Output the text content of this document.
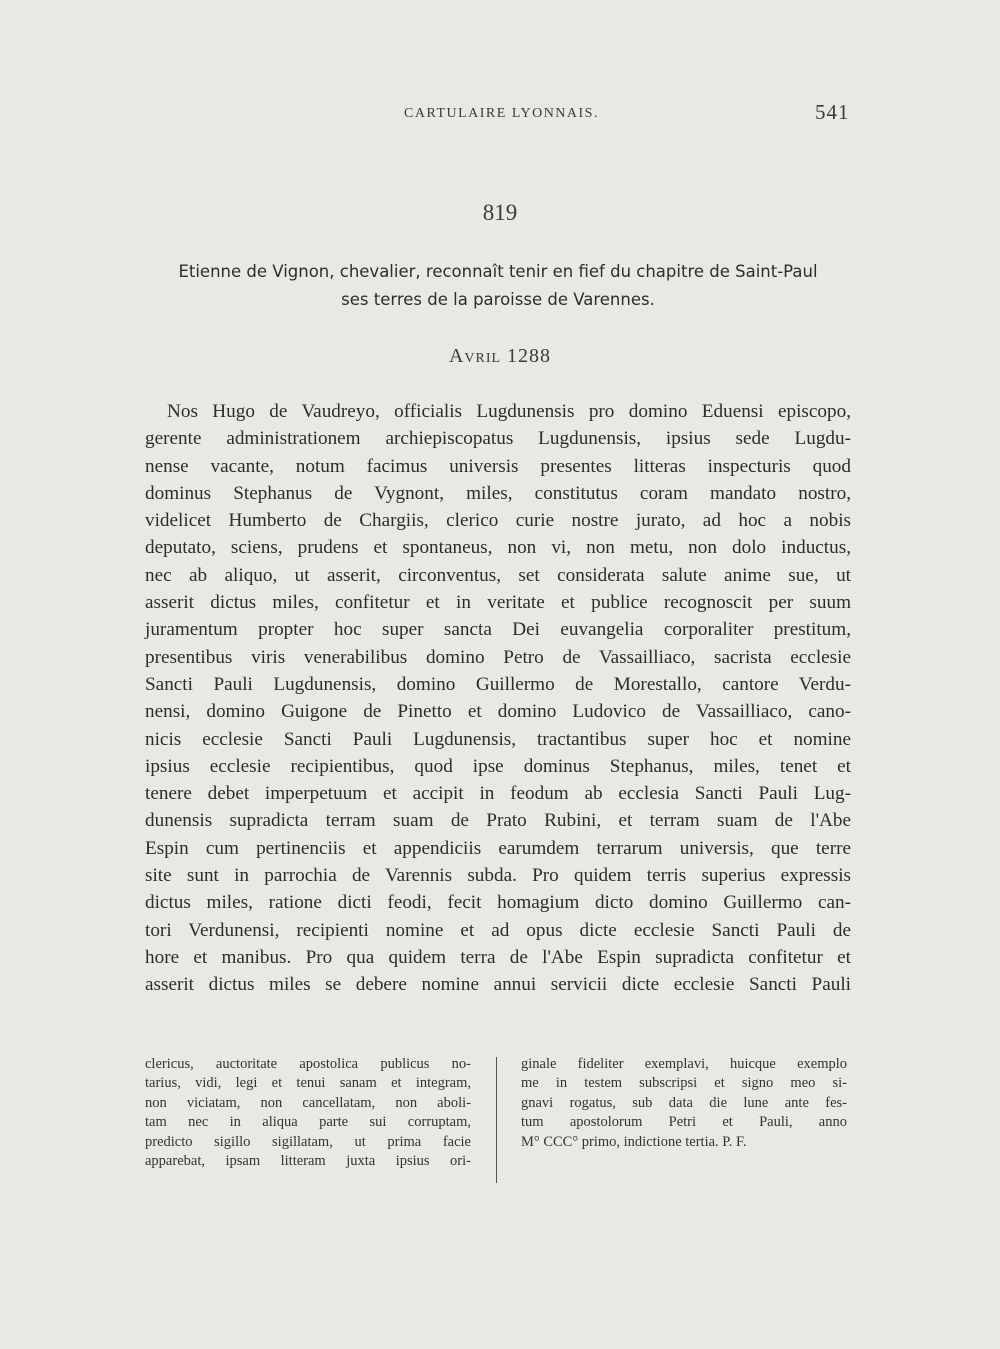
CARTULAIRE LYONNAIS.	541
819
Etienne de Vignon, chevalier, reconnaît tenir en fief du chapitre de Saint-Paul
ses terres de la paroisse de Varennes.
Avril 1288
Nos Hugo de Vaudreyo, officialis Lugdunensis pro domino Eduensi episcopo,
gerente administrationem archiepiscopatus Lugdunensis, ipsius sede Lugdu-
nense vacante, notum facimus universis presentes litteras inspecturis quod
dominus Stephanus de Vygnont, miles, constitutus coram mandato nostro,
videlicet Humberto de Chargiis, clerico curie nostre jurato, ad hoc a nobis
deputato, sciens, prudens et spontaneus, non vi, non metu, non dolo inductus,
nec ab aliquo, ut asserit, circonventus, set considerata salute anime sue, ut
asserit dictus miles, confitetur et in veritate et publice recognoscit per suum
juramentum propter hoc super sancta Dei euvangelia corporaliter prestitum,
presentibus viris venerabilibus domino Petro de Vassailliaco, sacrista ecclesie
Sancti Pauli Lugdunensis, domino Guillermo de Morestallo, cantore Verdu-
nensi, domino Guigone de Pinetto et domino Ludovico de Vassailliaco, cano-
nicis ecclesie Sancti Pauli Lugdunensis, tractantibus super hoc et nomine
ipsius ecclesie recipientibus, quod ipse dominus Stephanus, miles, tenet et
tenere debet imperpetuum et accipit in feodum ab ecclesia Sancti Pauli Lug-
dunensis supradicta terram suam de Prato Rubini, et terram suam de l'Abe
Espin cum pertinenciis et appendiciis earumdem terrarum universis, que terre
site sunt in parrochia de Varennis subda. Pro quidem terris superius expressis
dictus miles, ratione dicti feodi, fecit homagium dicto domino Guillermo can-
tori Verdunensi, recipienti nomine et ad opus dicte ecclesie Sancti Pauli de
hore et manibus. Pro qua quidem terra de l'Abe Espin supradicta confitetur et
asserit dictus miles se debere nomine annui servicii dicte ecclesie Sancti Pauli
clericus, auctoritate apostolica publicus no-
tarius, vidi, legi et tenui sanam et integram,
non viciatam, non cancellatam, non aboli-
tam nec in aliqua parte sui corruptam,
predicto sigillo sigillatam, ut prima facie
apparebat, ipsam litteram juxta ipsius ori-
ginale fideliter exemplavi, huicque exemplo
me in testem subscripsi et signo meo si-
gnavi rogatus, sub data die lune ante fes-
tum apostolorum Petri et Pauli, anno
M° CCC° primo, indictione tertia. P. F.
